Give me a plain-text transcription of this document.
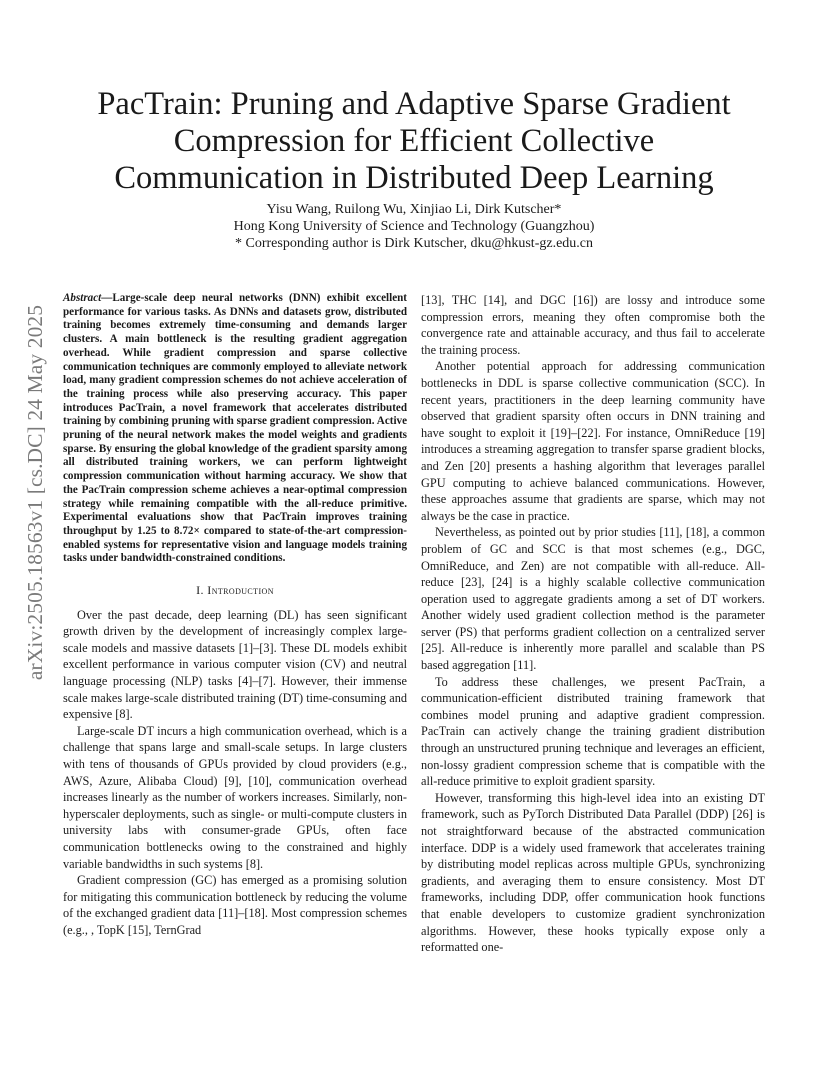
arXiv:2505.18563v1 [cs.DC] 24 May 2025
PacTrain: Pruning and Adaptive Sparse Gradient
Compression for Efficient Collective
Communication in Distributed Deep Learning
Yisu Wang, Ruilong Wu, Xinjiao Li, Dirk Kutscher*
Hong Kong University of Science and Technology (Guangzhou)
* Corresponding author is Dirk Kutscher, dku@hkust-gz.edu.cn

Abstract—Large-scale deep neural networks (DNN) exhibit excellent performance for various tasks. As DNNs and datasets grow, distributed training becomes extremely time-consuming and demands larger clusters. A main bottleneck is the resulting gradient aggregation overhead. While gradient compression and sparse collective communication techniques are commonly employed to alleviate network load, many gradient compression schemes do not achieve acceleration of the training process while also preserving accuracy. This paper introduces PacTrain, a novel framework that accelerates distributed training by combining pruning with sparse gradient compression. Active pruning of the neural network makes the model weights and gradients sparse. By ensuring the global knowledge of the gradient sparsity among all distributed training workers, we can perform lightweight compression communication without harming accuracy. We show that the PacTrain compression scheme achieves a near-optimal compression strategy while remaining compatible with the all-reduce primitive. Experimental evaluations show that PacTrain improves training throughput by 1.25 to 8.72× compared to state-of-the-art compression-enabled systems for representative vision and language models training tasks under bandwidth-constrained conditions.

I. Introduction

Over the past decade, deep learning (DL) has seen significant growth driven by the development of increasingly complex large-scale models and massive datasets [1]–[3]. These DL models exhibit excellent performance in various computer vision (CV) and neutral language processing (NLP) tasks [4]–[7]. However, their immense scale makes large-scale distributed training (DT) time-consuming and expensive [8].

Large-scale DT incurs a high communication overhead, which is a challenge that spans large and small-scale setups. In large clusters with tens of thousands of GPUs provided by cloud providers (e.g., AWS, Azure, Alibaba Cloud) [9], [10], communication overhead increases linearly as the number of workers increases. Similarly, non-hyperscaler deployments, such as single- or multi-compute clusters in university labs with consumer-grade GPUs, often face communication bottlenecks owing to the constrained and highly variable bandwidths in such systems [8].

Gradient compression (GC) has emerged as a promising solution for mitigating this communication bottleneck by reducing the volume of the exchanged gradient data [11]–[18]. Most compression schemes (e.g., , TopK [15], TernGrad

[13], THC [14], and DGC [16]) are lossy and introduce some compression errors, meaning they often compromise both the convergence rate and attainable accuracy, and thus fail to accelerate the training process.

Another potential approach for addressing communication bottlenecks in DDL is sparse collective communication (SCC). In recent years, practitioners in the deep learning community have observed that gradient sparsity often occurs in DNN training and have sought to exploit it [19]–[22]. For instance, OmniReduce [19] introduces a streaming aggregation to transfer sparse gradient blocks, and Zen [20] presents a hashing algorithm that leverages parallel GPU computing to achieve balanced communications. However, these approaches assume that gradients are sparse, which may not always be the case in practice.

Nevertheless, as pointed out by prior studies [11], [18], a common problem of GC and SCC is that most schemes (e.g., DGC, OmniReduce, and Zen) are not compatible with all-reduce. All-reduce [23], [24] is a highly scalable collective communication operation used to aggregate gradients among a set of DT workers. Another widely used gradient collection method is the parameter server (PS) that performs gradient collection on a centralized server [25]. All-reduce is inherently more parallel and scalable than PS based aggregation [11].

To address these challenges, we present PacTrain, a communication-efficient distributed training framework that combines model pruning and adaptive gradient compression. PacTrain can actively change the training gradient distribution through an unstructured pruning technique and leverages an efficient, non-lossy gradient compression scheme that is compatible with the all-reduce primitive to exploit gradient sparsity.

However, transforming this high-level idea into an existing DT framework, such as PyTorch Distributed Data Parallel (DDP) [26] is not straightforward because of the abstracted communication interface. DDP is a widely used framework that accelerates training by distributing model replicas across multiple GPUs, synchronizing gradients, and averaging them to ensure consistency. Most DT frameworks, including DDP, offer communication hook functions that enable developers to customize gradient synchronization algorithms. However, these hooks typically expose only a reformatted one-
